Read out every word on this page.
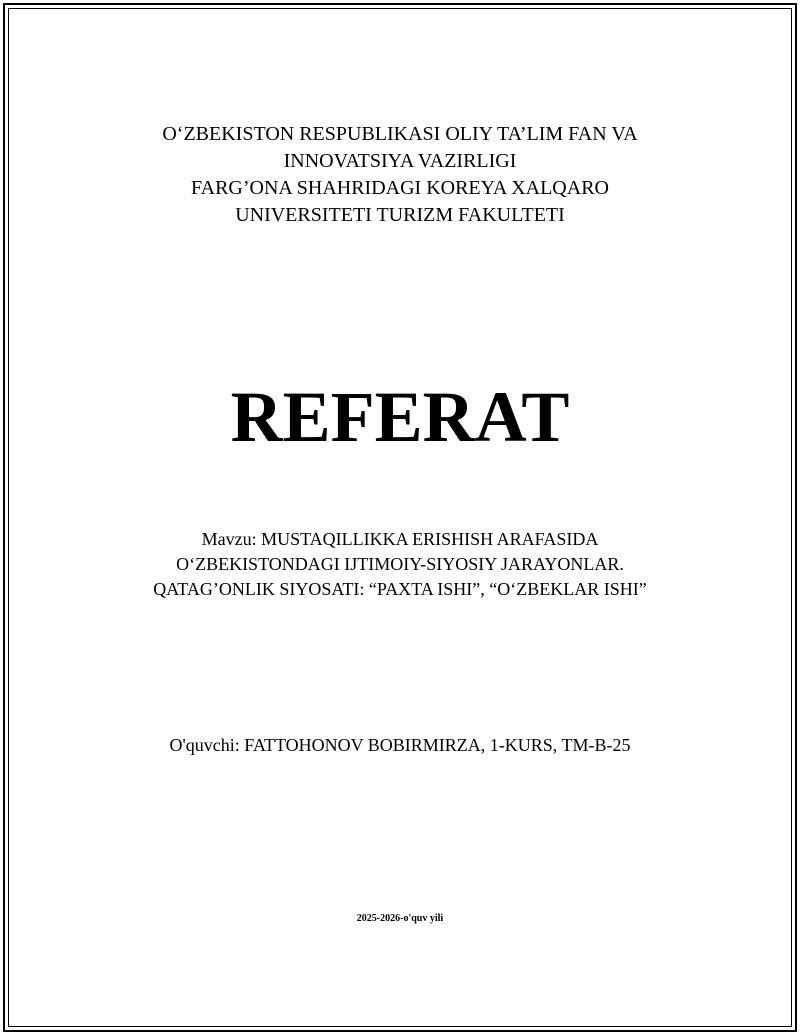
O‘ZBEKISTON RESPUBLIKASI OLIY TA’LIM FAN VA
INNOVATSIYA VAZIRLIGI
FARG’ONA SHAHRIDAGI KOREYA XALQARO
UNIVERSITETI TURIZM FAKULTETI
REFERAT
Mavzu: MUSTAQILLIKKA ERISHISH ARAFASIDA
O‘ZBEKISTONDAGI IJTIMOIY-SIYOSIY JARAYONLAR.
QATAG’ONLIK SIYOSATI: “PAXTA ISHI”, “O‘ZBEKLAR ISHI”
O'quvchi: FATTOHONOV BOBIRMIRZA, 1-KURS, TM-B-25
2025-2026-o'quv yili
